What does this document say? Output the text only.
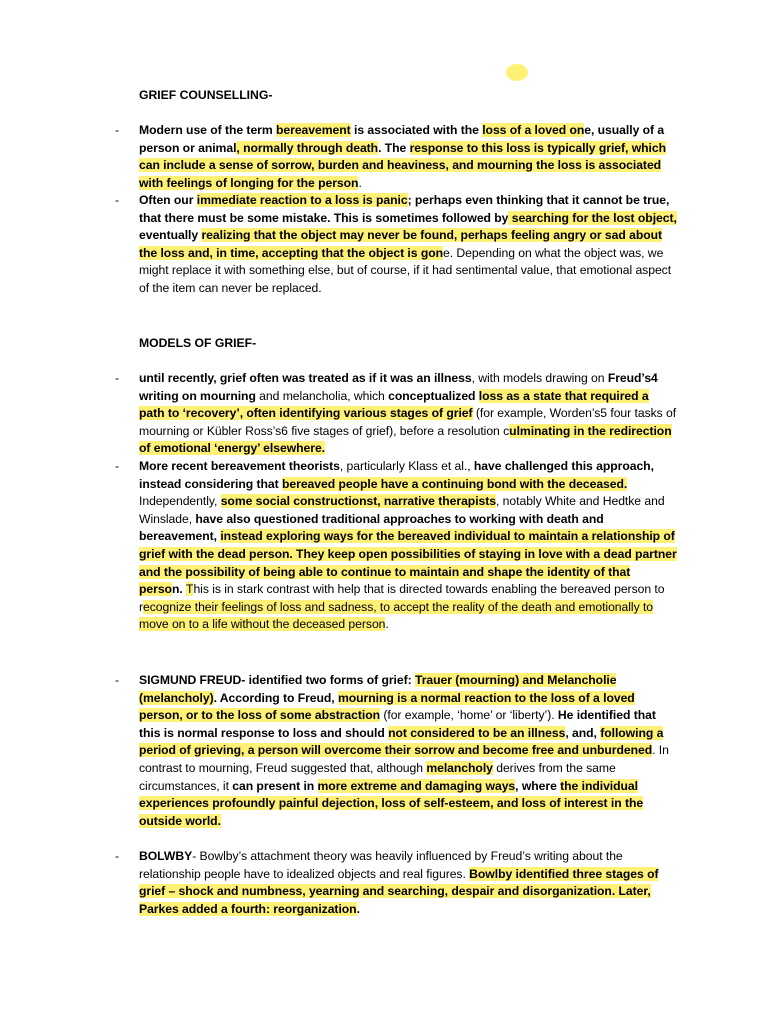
GRIEF COUNSELLING-
- Modern use of the term bereavement is associated with the loss of a loved one, usually of a person or animal, normally through death. The response to this loss is typically grief, which can include a sense of sorrow, burden and heaviness, and mourning the loss is associated with feelings of longing for the person.
- Often our immediate reaction to a loss is panic; perhaps even thinking that it cannot be true, that there must be some mistake. This is sometimes followed by searching for the lost object, eventually realizing that the object may never be found, perhaps feeling angry or sad about the loss and, in time, accepting that the object is gone. Depending on what the object was, we might replace it with something else, but of course, if it had sentimental value, that emotional aspect of the item can never be replaced.
MODELS OF GRIEF-
- until recently, grief often was treated as if it was an illness, with models drawing on Freud’s4 writing on mourning and melancholia, which conceptualized loss as a state that required a path to ‘recovery’, often identifying various stages of grief (for example, Worden’s5 four tasks of mourning or Kübler Ross’s6 five stages of grief), before a resolution culminating in the redirection of emotional ‘energy’ elsewhere.
- More recent bereavement theorists, particularly Klass et al., have challenged this approach, instead considering that bereaved people have a continuing bond with the deceased. Independently, some social constructionst, narrative therapists, notably White and Hedtke and Winslade, have also questioned traditional approaches to working with death and bereavement, instead exploring ways for the bereaved individual to maintain a relationship of grief with the dead person. They keep open possibilities of staying in love with a dead partner and the possibility of being able to continue to maintain and shape the identity of that person. This is in stark contrast with help that is directed towards enabling the bereaved person to recognize their feelings of loss and sadness, to accept the reality of the death and emotionally to move on to a life without the deceased person.
- SIGMUND FREUD- identified two forms of grief: Trauer (mourning) and Melancholie (melancholy). According to Freud, mourning is a normal reaction to the loss of a loved person, or to the loss of some abstraction (for example, ‘home’ or ‘liberty’). He identified that this is normal response to loss and should not considered to be an illness, and, following a period of grieving, a person will overcome their sorrow and become free and unburdened. In contrast to mourning, Freud suggested that, although melancholy derives from the same circumstances, it can present in more extreme and damaging ways, where the individual experiences profoundly painful dejection, loss of self-esteem, and loss of interest in the outside world.
- BOLWBY- Bowlby’s attachment theory was heavily influenced by Freud’s writing about the relationship people have to idealized objects and real figures. Bowlby identified three stages of grief – shock and numbness, yearning and searching, despair and disorganization. Later, Parkes added a fourth: reorganization.
